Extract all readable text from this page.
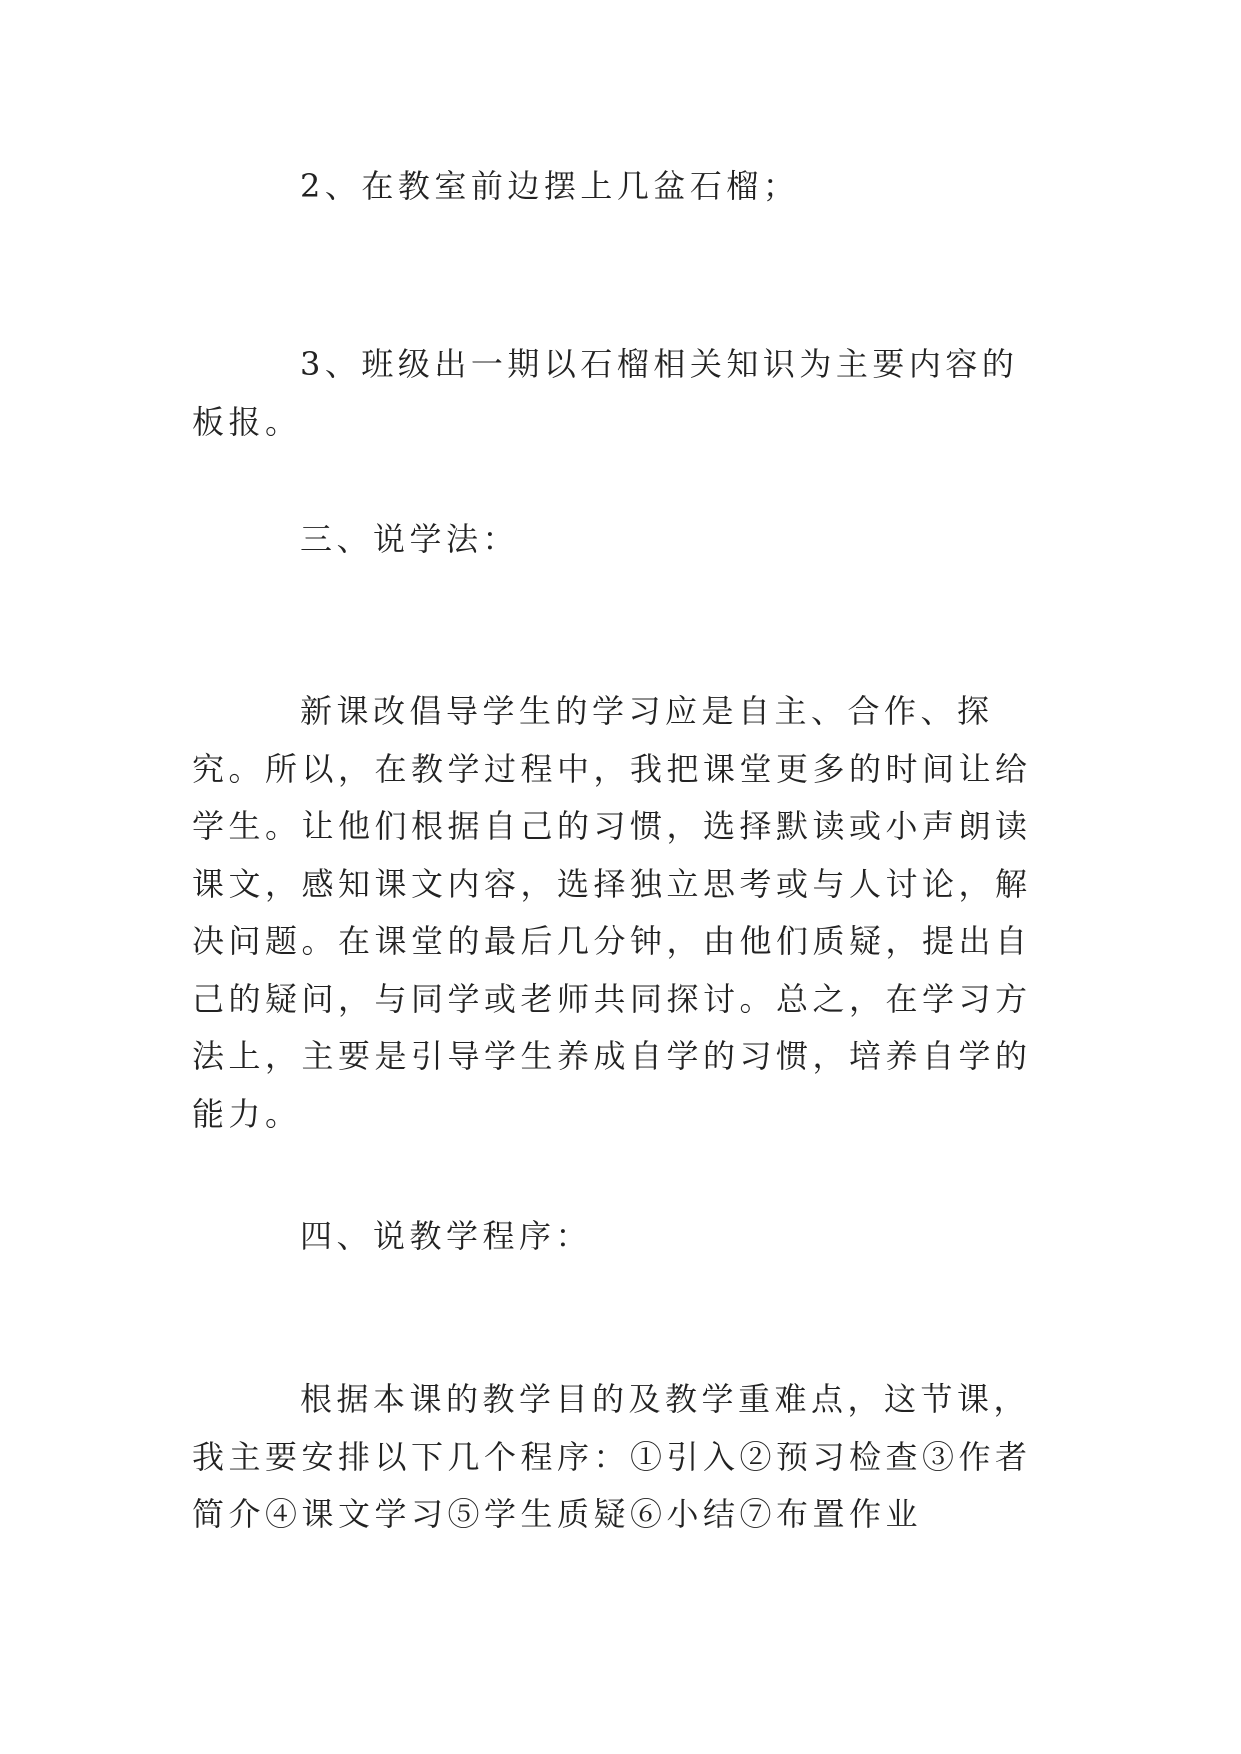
2、在教室前边摆上几盆石榴；

3、班级出一期以石榴相关知识为主要内容的板报。

三、说学法：

新课改倡导学生的学习应是自主、合作、探究。所以，在教学过程中，我把课堂更多的时间让给学生。让他们根据自己的习惯，选择默读或小声朗读课文，感知课文内容，选择独立思考或与人讨论，解决问题。在课堂的最后几分钟，由他们质疑，提出自己的疑问，与同学或老师共同探讨。总之，在学习方法上，主要是引导学生养成自学的习惯，培养自学的能力。

四、说教学程序：

根据本课的教学目的及教学重难点，这节课，我主要安排以下几个程序：①引入②预习检查③作者简介④课文学习⑤学生质疑⑥小结⑦布置作业
